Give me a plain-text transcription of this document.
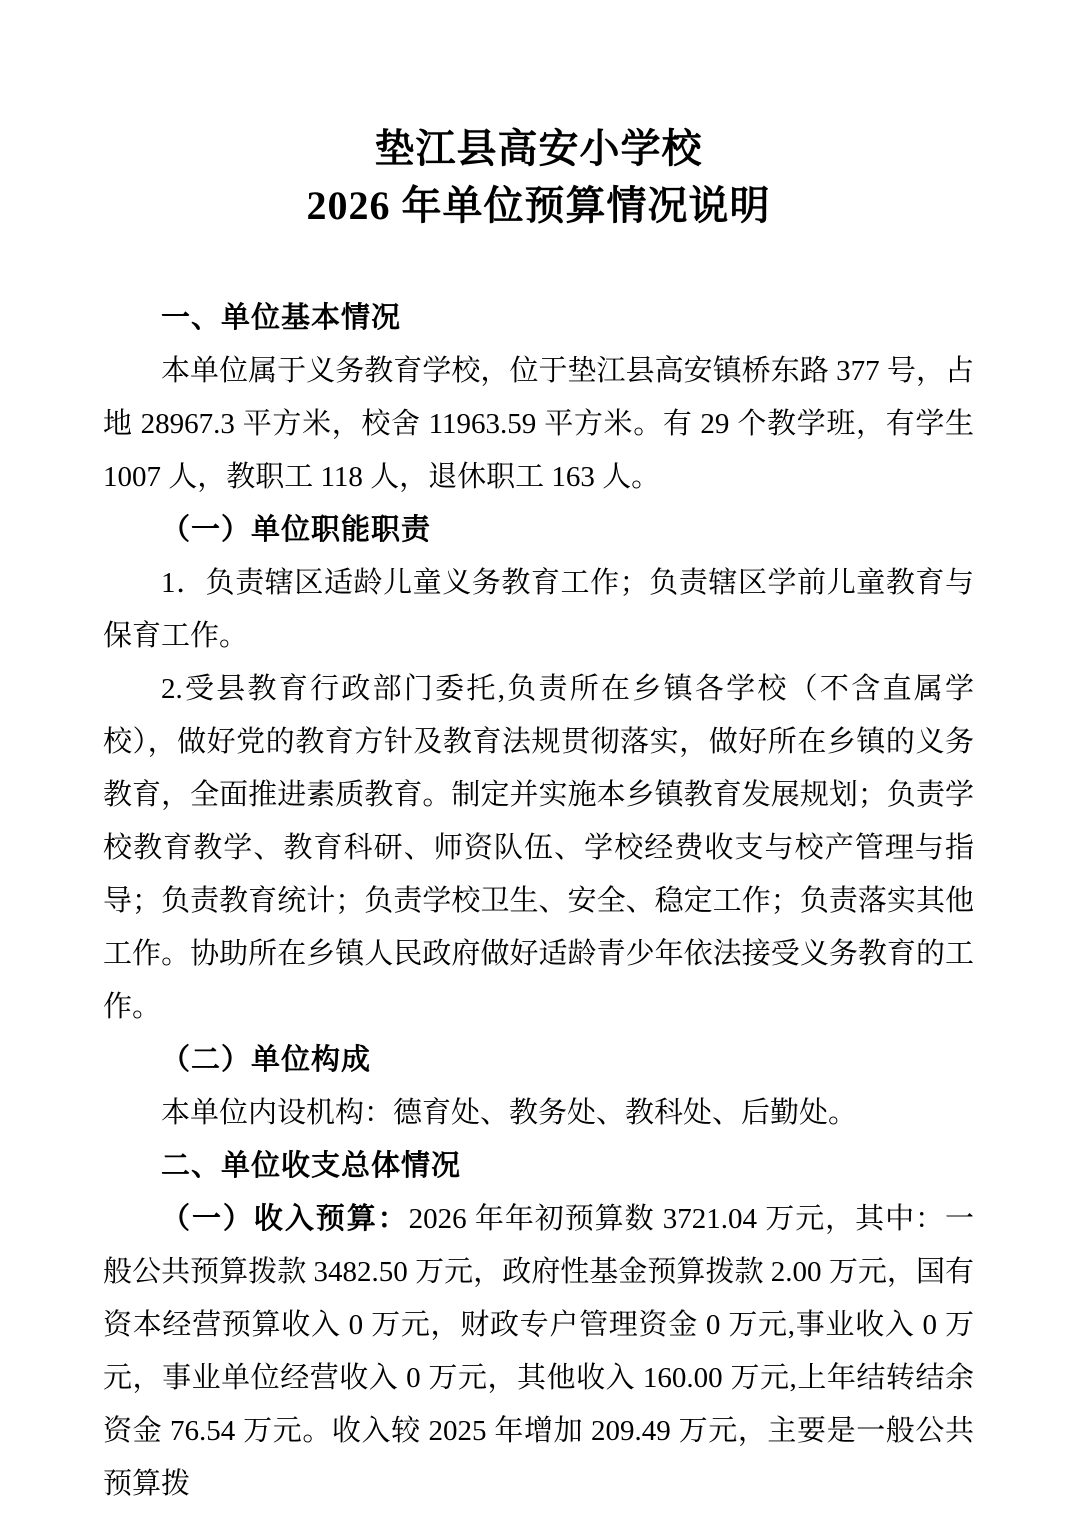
垫江县高安小学校
2026 年单位预算情况说明

一、单位基本情况

本单位属于义务教育学校，位于垫江县高安镇桥东路 377 号，占地 28967.3 平方米，校舍 11963.59 平方米。有 29 个教学班，有学生 1007 人，教职工 118 人，退休职工 163 人。

（一）单位职能职责

1．负责辖区适龄儿童义务教育工作；负责辖区学前儿童教育与保育工作。

2.受县教育行政部门委托,负责所在乡镇各学校（不含直属学校），做好党的教育方针及教育法规贯彻落实，做好所在乡镇的义务教育，全面推进素质教育。制定并实施本乡镇教育发展规划；负责学校教育教学、教育科研、师资队伍、学校经费收支与校产管理与指导；负责教育统计；负责学校卫生、安全、稳定工作；负责落实其他工作。协助所在乡镇人民政府做好适龄青少年依法接受义务教育的工作。

（二）单位构成

本单位内设机构：德育处、教务处、教科处、后勤处。

二、单位收支总体情况

（一）收入预算：2026 年年初预算数 3721.04 万元，其中：一般公共预算拨款 3482.50 万元，政府性基金预算拨款 2.00 万元，国有资本经营预算收入 0 万元，财政专户管理资金 0 万元,事业收入 0 万元，事业单位经营收入 0 万元，其他收入 160.00 万元,上年结转结余资金 76.54 万元。收入较 2025 年增加 209.49 万元，主要是一般公共预算拨
